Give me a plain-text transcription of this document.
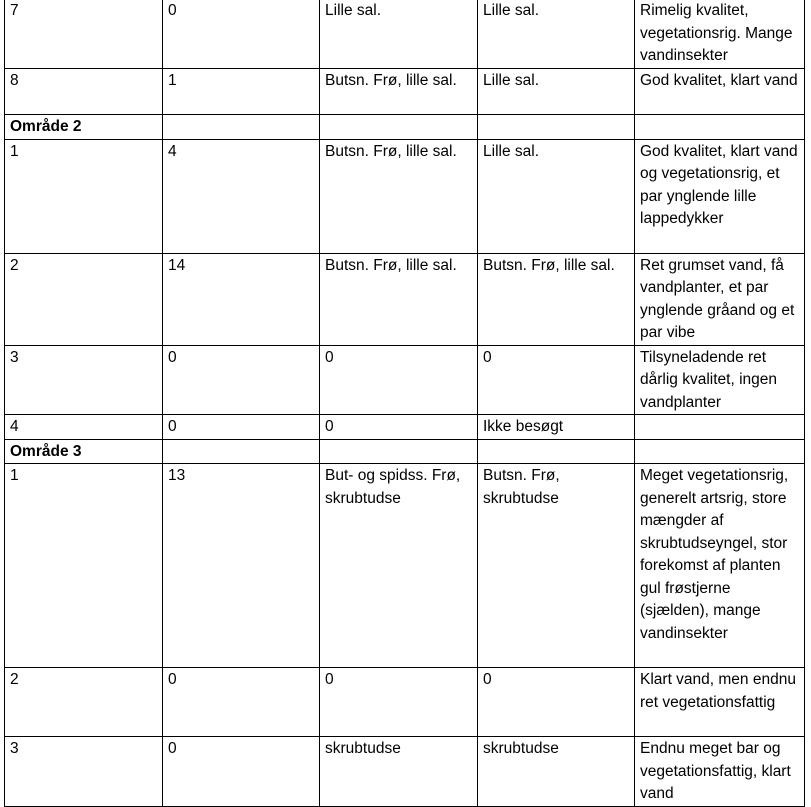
7	0	Lille sal.	Lille sal.	Rimelig kvalitet, vegetationsrig. Mange vandinsekter
8	1	Butsn. Frø, lille sal.	Lille sal.	God kvalitet, klart vand
Område 2				
1	4	Butsn. Frø, lille sal.	Lille sal.	God kvalitet, klart vand og vegetationsrig, et par ynglende lille lappedykker
2	14	Butsn. Frø, lille sal.	Butsn. Frø, lille sal.	Ret grumset vand, få vandplanter, et par ynglende gråand og et par vibe
3	0	0	0	Tilsyneladende ret dårlig kvalitet, ingen vandplanter
4	0	0	Ikke besøgt	
Område 3				
1	13	But- og spidss. Frø, skrubtudse	Butsn. Frø, skrubtudse	Meget vegetationsrig, generelt artsrig, store mængder af skrubtudseyngel, stor forekomst af planten gul frøstjerne (sjælden), mange vandinsekter
2	0	0	0	Klart vand, men endnu ret vegetationsfattig
3	0	skrubtudse	skrubtudse	Endnu meget bar og vegetationsfattig, klart vand
